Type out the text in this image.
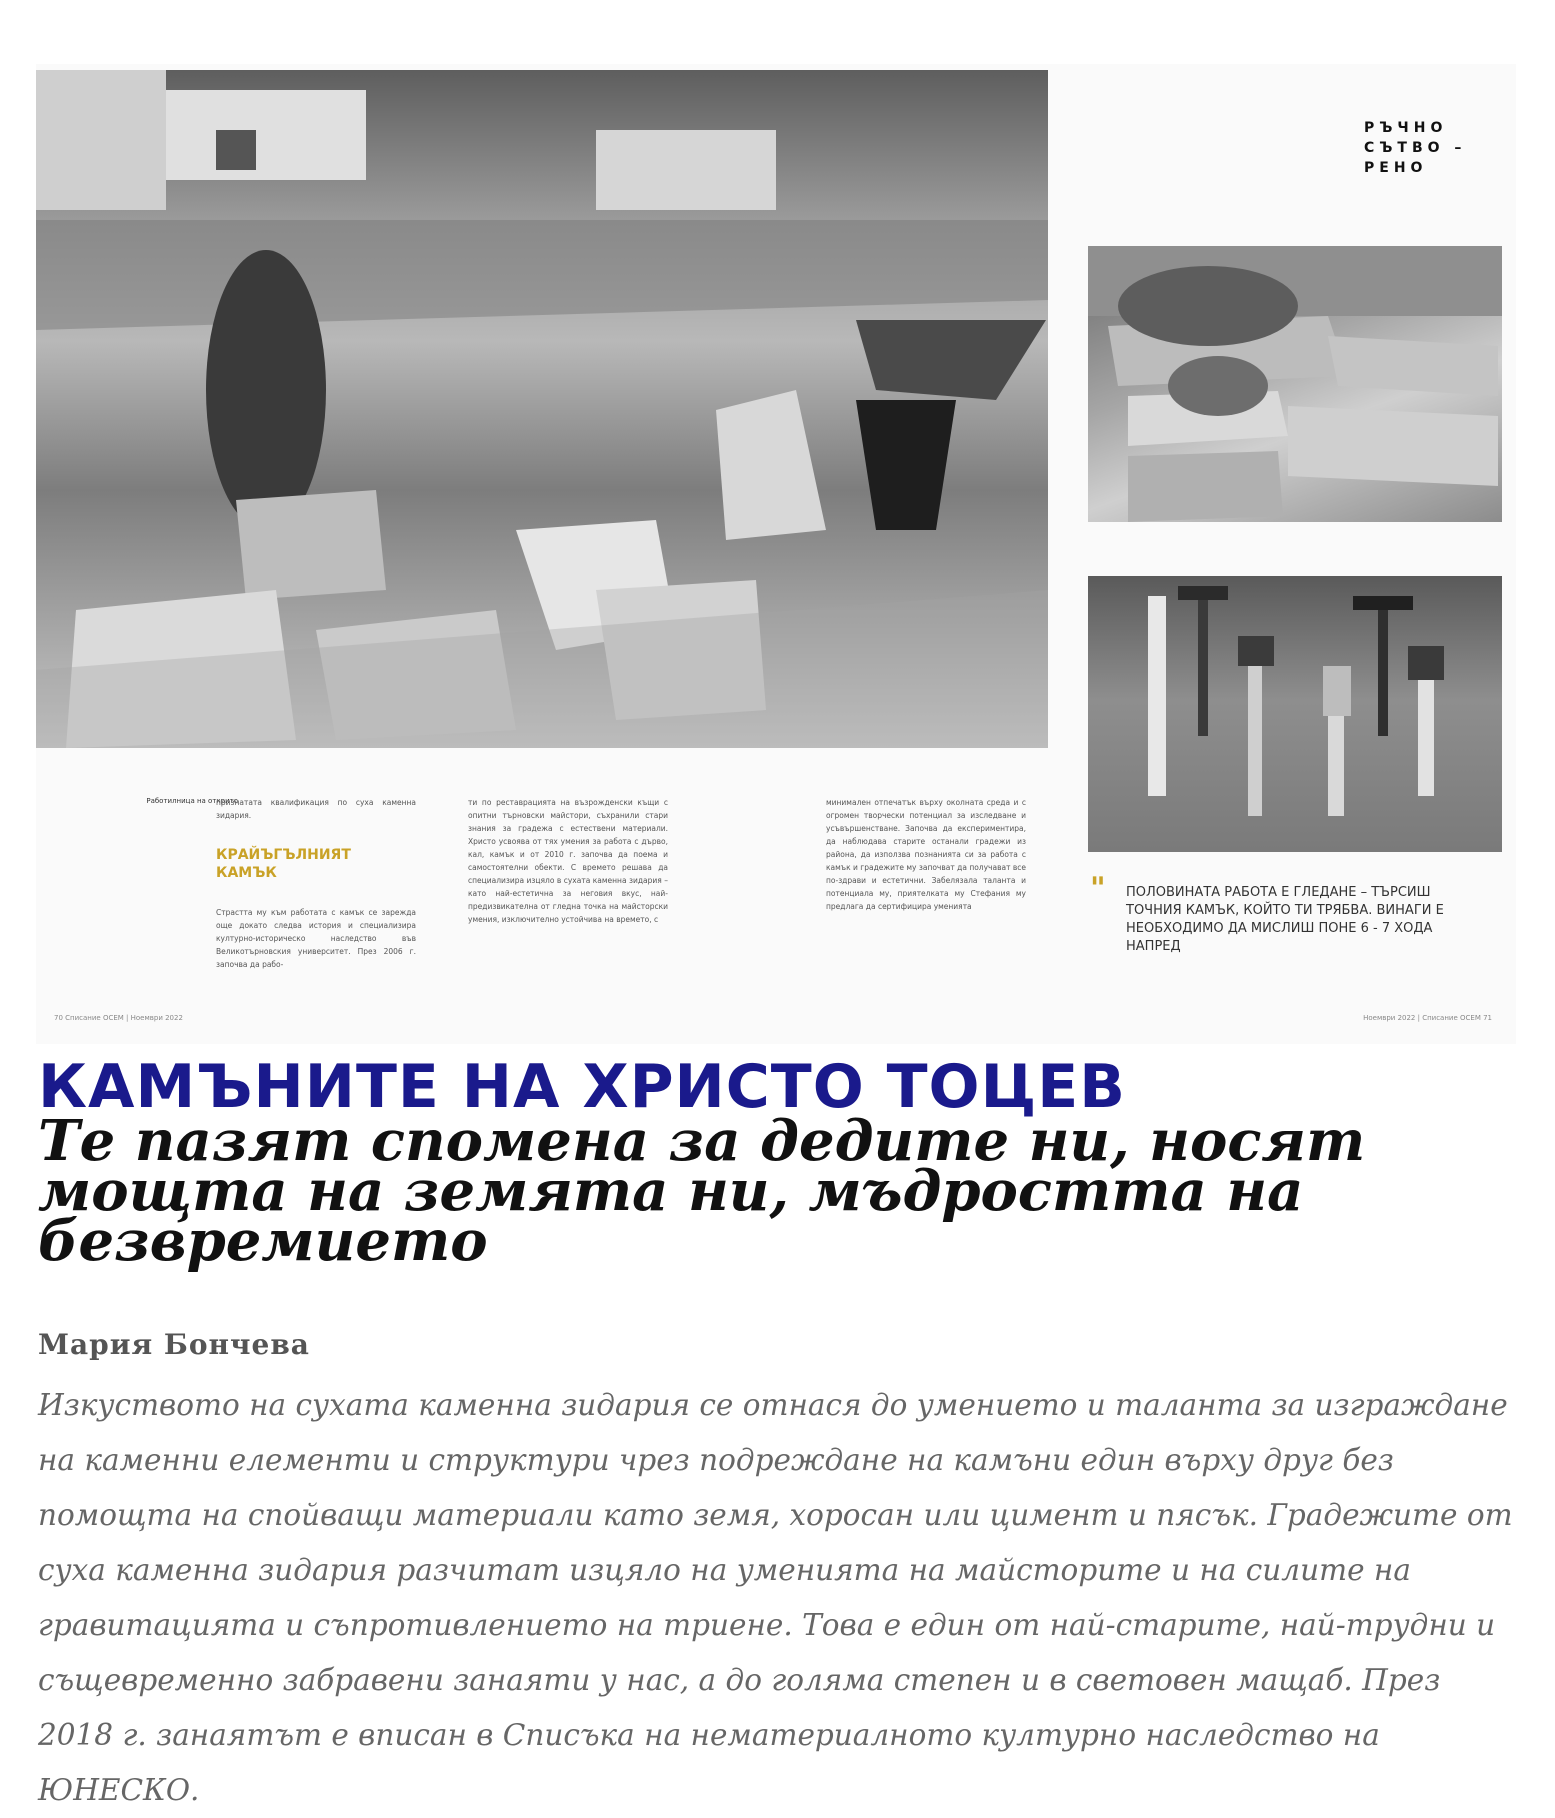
РЪЧНО СЪТВО –РЕНО
Работилница на открито
признатата квалификация по суха каменна зидария.
КРАЙЪГЪЛНИЯТ КАМЪК
Страстта му към работата с камък се зарежда още докато следва история и специализира културно-историческо наследство във Великотърновския университет. През 2006 г. започва да рабо-
ти по реставрацията на възрожденски къщи с опитни търновски майстори, съхранили стари знания за градежа с естествени материали. Христо усвоява от тях умения за работа с дърво, кал, камък и от 2010 г. започва да поема и самостоятелни обекти. С времето решава да специализира изцяло в сухата каменна зидария – като най-естетична за неговия вкус, най-предизвикателна от гледна точка на майсторски умения, изключително устойчива на времето, с
минимален отпечатък върху околната среда и с огромен творчески потенциал за изследване и усъвършенстване. Започва да експериментира, да наблюдава старите останали градежи из района, да използва познанията си за работа с камък и градежите му започват да получават все по-здрави и естетични. Забелязала таланта и потенциала му, приятелката му Стефания му предлага да сертифицира уменията
" ПОЛОВИНАТА РАБОТА Е ГЛЕДАНЕ – ТЪРСИШ ТОЧНИЯ КАМЪК, КОЙТО ТИ ТРЯБВА. ВИНАГИ Е НЕОБХОДИМО ДА МИСЛИШ ПОНЕ 6 - 7 ХОДА НАПРЕД
70 Списание ОСЕМ | Ноември 2022	Ноември 2022 | Списание ОСЕМ 71
КАМЪНИТЕ НА ХРИСТО ТОЦЕВ
Те пазят спомена за дедите ни, носят мощта на земята ни, мъдростта на безвремието
Мария Бончева

Изкуството на сухата каменна зидария се отнася до умението и таланта за изграждане на каменни елементи и структури чрез подреждане на камъни един върху друг без помощта на спойващи материали като земя, хоросан или цимент и пясък. Градежите от суха каменна зидария разчитат изцяло на уменията на майсторите и на силите на гравитацията и съпротивлението на триене. Това е един от най-старите, най-трудни и същевременно забравени занаяти у нас, а до голяма степен и в световен мащаб. През 2018 г. занаятът е вписан в Списъка на нематериалното културно наследство на ЮНЕСКО.
